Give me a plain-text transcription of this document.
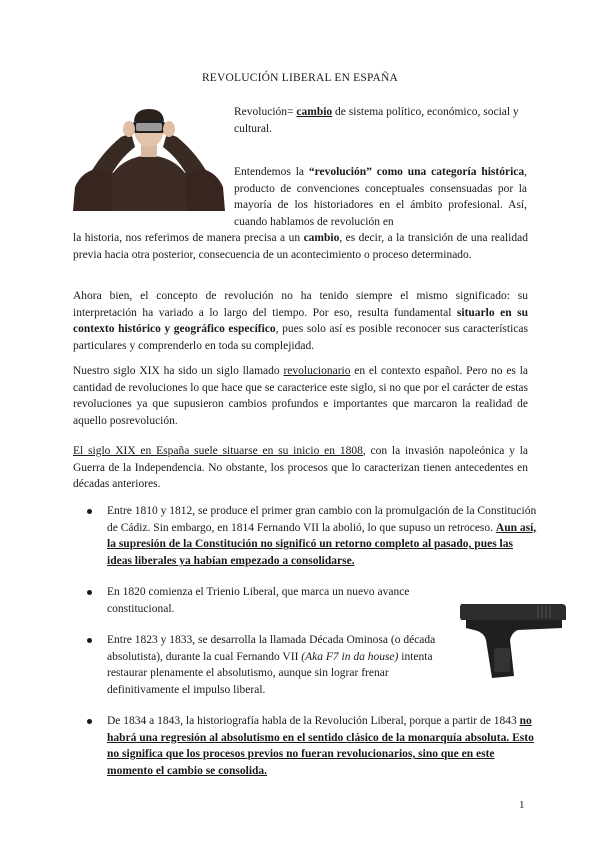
REVOLUCIÓN LIBERAL EN ESPAÑA

Revolución= cambio de sistema político, económico, social y cultural.

Entendemos la “revolución” como una categoría histórica, producto de convenciones conceptuales consensuadas por la mayoría de los historiadores en el ámbito profesional. Así, cuando hablamos de revolución en

la historia, nos referimos de manera precisa a un cambio, es decir, a la transición de una realidad previa hacia otra posterior, consecuencia de un acontecimiento o proceso determinado.

Ahora bien, el concepto de revolución no ha tenido siempre el mismo significado: su interpretación ha variado a lo largo del tiempo. Por eso, resulta fundamental situarlo en su contexto histórico y geográfico específico, pues solo así es posible reconocer sus características particulares y comprenderlo en toda su complejidad.

Nuestro siglo XIX ha sido un siglo llamado revolucionario en el contexto español. Pero no es la cantidad de revoluciones lo que hace que se caracterice este siglo, si no que por el carácter de estas revoluciones ya que supusieron cambios profundos e importantes que marcaron la realidad de aquello posrevolución.

El siglo XIX en España suele situarse en su inicio en 1808, con la invasión napoleónica y la Guerra de la Independencia. No obstante, los procesos que lo caracterizan tienen antecedentes en décadas anteriores.

Entre 1810 y 1812, se produce el primer gran cambio con la promulgación de la Constitución de Cádiz. Sin embargo, en 1814 Fernando VII la abolió, lo que supuso un retroceso. Aun así, la supresión de la Constitución no significó un retorno completo al pasado, pues las ideas liberales ya habían empezado a consolidarse.

En 1820 comienza el Trienio Liberal, que marca un nuevo avance constitucional.

Entre 1823 y 1833, se desarrolla la llamada Década Ominosa (o década absolutista), durante la cual Fernando VII (Aka F7 in da house) intenta restaurar plenamente el absolutismo, aunque sin lograr frenar definitivamente el impulso liberal.

De 1834 a 1843, la historiografía habla de la Revolución Liberal, porque a partir de 1843 no habrá una regresión al absolutismo en el sentido clásico de la monarquía absoluta. Esto no significa que los procesos previos no fueran revolucionarios, sino que en este momento el cambio se consolida.

1
